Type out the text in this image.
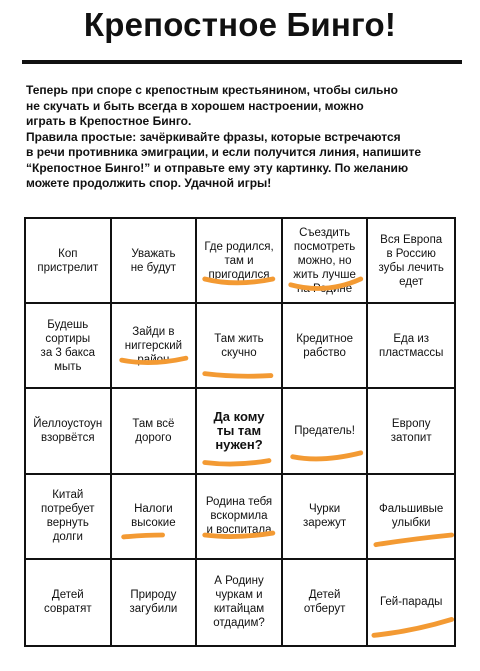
Крепостное Бинго!

Теперь при споре с крепостным крестьянином, чтобы сильно

не скучать и быть всегда в хорошем настроении, можно

играть в Крепостное Бинго.

Правила простые: зачёркивайте фразы, которые встречаются

в речи противника эмиграции, и если получится линия, напишите

“Крепостное Бинго!” и отправьте ему эту картинку. По желанию

можете продолжить спор. Удачной игры!

Коп
пристрелит
Уважать
не будут
Где родился,
там и
пригодился
Съездить
посмотреть
можно, но
жить лучше
на Родине
Вся Европа
в Россию
зубы лечить
едет
Будешь
сортиры
за 3 бакса
мыть
Зайди в
ниггерский
район
Там жить
скучно
Кредитное
рабство
Еда из
пластмассы
Йеллоустоун
взорвётся
Там всё
дорого
Да кому
ты там
нужен?
Предатель!
Европу
затопит
Китай
потребует
вернуть
долги
Налоги
высокие
Родина тебя
вскормила
и воспитала
Чурки
зарежут
Фальшивые
улыбки
Детей
совратят
Природу
загубили
А Родину
чуркам и
китайцам
отдадим?
Детей
отберут
Гей-парады
